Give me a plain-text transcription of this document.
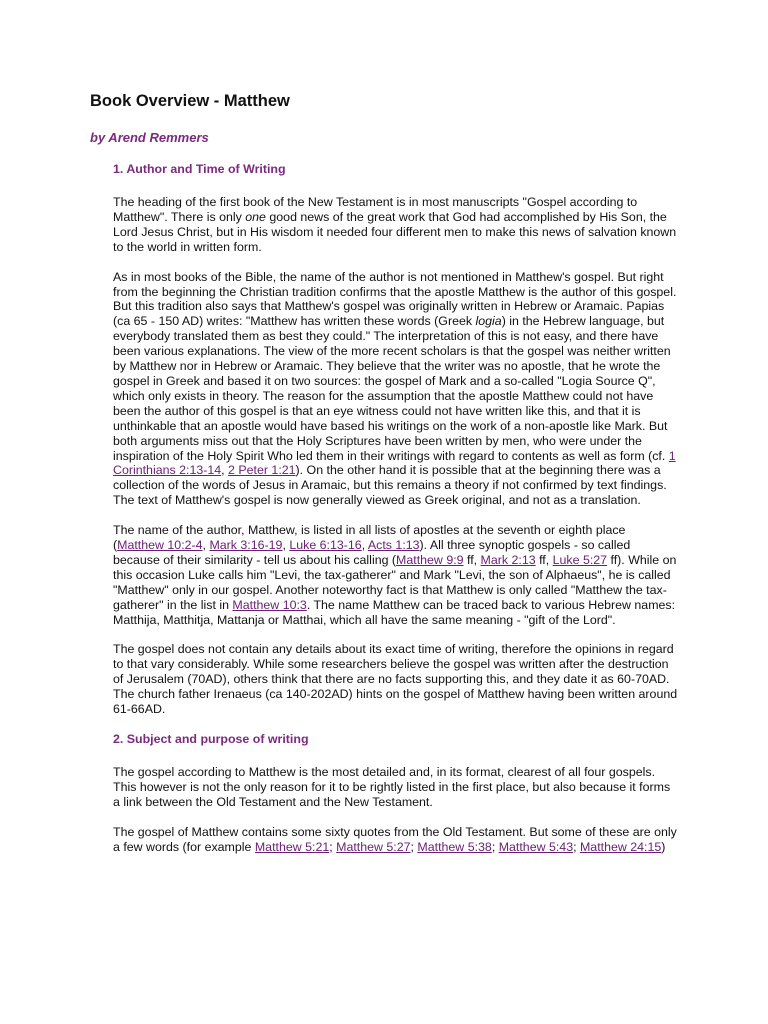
Book Overview - Matthew
by Arend Remmers
1. Author and Time of Writing

The heading of the first book of the New Testament is in most manuscripts "Gospel according to Matthew". There is only one good news of the great work that God had accomplished by His Son, the Lord Jesus Christ, but in His wisdom it needed four different men to make this news of salvation known to the world in written form.

As in most books of the Bible, the name of the author is not mentioned in Matthew's gospel. But right from the beginning the Christian tradition confirms that the apostle Matthew is the author of this gospel. But this tradition also says that Matthew's gospel was originally written in Hebrew or Aramaic. Papias (ca 65 - 150 AD) writes: "Matthew has written these words (Greek logia) in the Hebrew language, but everybody translated them as best they could." The interpretation of this is not easy, and there have been various explanations. The view of the more recent scholars is that the gospel was neither written by Matthew nor in Hebrew or Aramaic. They believe that the writer was no apostle, that he wrote the gospel in Greek and based it on two sources: the gospel of Mark and a so-called "Logia Source Q", which only exists in theory. The reason for the assumption that the apostle Matthew could not have been the author of this gospel is that an eye witness could not have written like this, and that it is unthinkable that an apostle would have based his writings on the work of a non-apostle like Mark. But both arguments miss out that the Holy Scriptures have been written by men, who were under the inspiration of the Holy Spirit Who led them in their writings with regard to contents as well as form (cf. 1 Corinthians 2:13-14, 2 Peter 1:21). On the other hand it is possible that at the beginning there was a collection of the words of Jesus in Aramaic, but this remains a theory if not confirmed by text findings. The text of Matthew's gospel is now generally viewed as Greek original, and not as a translation.

The name of the author, Matthew, is listed in all lists of apostles at the seventh or eighth place (Matthew 10:2-4, Mark 3:16-19, Luke 6:13-16, Acts 1:13). All three synoptic gospels - so called because of their similarity - tell us about his calling (Matthew 9:9 ff, Mark 2:13 ff, Luke 5:27 ff). While on this occasion Luke calls him "Levi, the tax-gatherer" and Mark "Levi, the son of Alphaeus", he is called "Matthew" only in our gospel. Another noteworthy fact is that Matthew is only called "Matthew the tax-gatherer" in the list in Matthew 10:3. The name Matthew can be traced back to various Hebrew names: Matthija, Matthitja, Mattanja or Matthai, which all have the same meaning - "gift of the Lord".

The gospel does not contain any details about its exact time of writing, therefore the opinions in regard to that vary considerably. While some researchers believe the gospel was written after the destruction of Jerusalem (70AD), others think that there are no facts supporting this, and they date it as 60-70AD. The church father Irenaeus (ca 140-202AD) hints on the gospel of Matthew having been written around 61-66AD.

2. Subject and purpose of writing

The gospel according to Matthew is the most detailed and, in its format, clearest of all four gospels. This however is not the only reason for it to be rightly listed in the first place, but also because it forms a link between the Old Testament and the New Testament.

The gospel of Matthew contains some sixty quotes from the Old Testament. But some of these are only a few words (for example Matthew 5:21; Matthew 5:27; Matthew 5:38; Matthew 5:43; Matthew 24:15)
